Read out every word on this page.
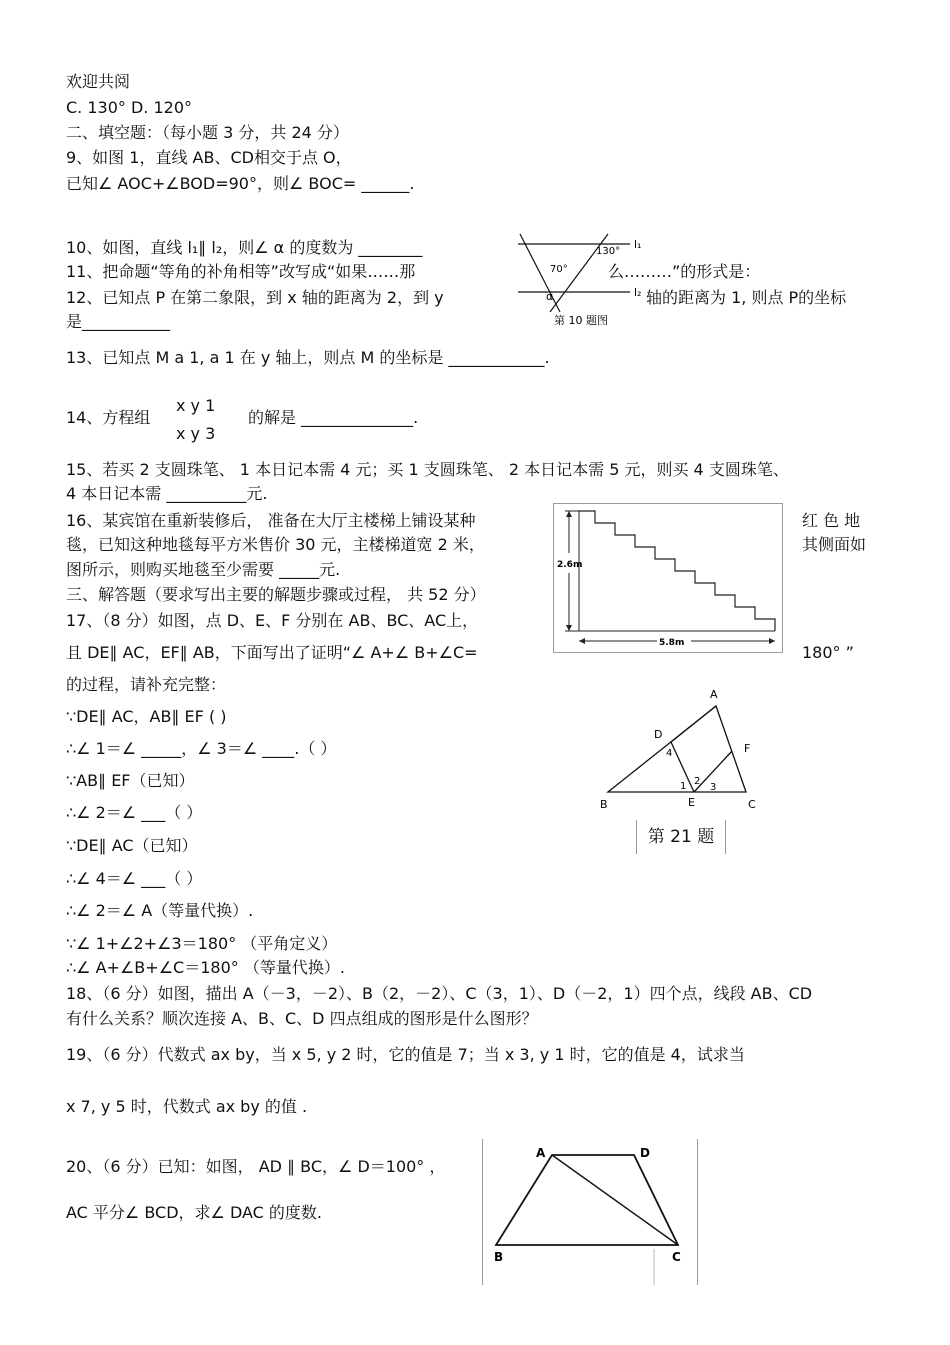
欢迎共阅
C. 130° D. 120°
二、填空题：（每小题 3 分，共 24 分）
9、如图 1，直线 AB、CD相交于点 O，
已知∠ AOC+∠BOD=90°，则∠ BOC= ______.
10、如图，直线 l₁∥ l₂，则∠ α 的度数为 ________
11、把命题“等角的补角相等”改写成“如果……那	么………”的形式是：
12、已知点 P 在第二象限，到 x 轴的距离为 2，到 y	轴的距离为 1, 则点 P的坐标
是___________
13、已知点 M a 1, a 1 在 y 轴上，则点 M 的坐标是 ____________.
x y 1
14、方程组	的解是 ______________.
x y 3
15、若买 2 支圆珠笔、 1 本日记本需 4 元；买 1 支圆珠笔、 2 本日记本需 5 元，则买 4 支圆珠笔、
4 本日记本需 __________元.
16、某宾馆在重新装修后， 准备在大厅主楼梯上铺设某种	红 色 地
毯，已知这种地毯每平方米售价 30 元，主楼梯道宽 2 米，	其侧面如
图所示，则购买地毯至少需要 _____元.
三、解答题（要求写出主要的解题步骤或过程， 共 52 分）
17、（8 分）如图，点 D、E、F 分别在 AB、BC、AC上，
且 DE∥ AC，EF∥ AB，下面写出了证明“∠ A+∠ B+∠C=	180° ”
的过程，请补充完整：
∵DE∥ AC，AB∥ EF ( )
∴∠ 1＝∠ _____，∠ 3＝∠ ____.（ ）
∵AB∥ EF（已知）
∴∠ 2＝∠ ___（ ）
∵DE∥ AC（已知）
∴∠ 4＝∠ ___（ ）
∴∠ 2＝∠ A（等量代换）.
∵∠ 1+∠2+∠3＝180° （平角定义）
∴∠ A+∠B+∠C＝180° （等量代换）.
18、（6 分）如图，描出 A（－3，－2）、B（2，－2）、C（3，1）、D（－2，1）四个点，线段 AB、CD
有什么关系？顺次连接 A、B、C、D 四点组成的图形是什么图形？
19、（6 分）代数式 ax by，当 x 5, y 2 时，它的值是 7；当 x 3, y 1 时，它的值是 4，试求当
x 7, y 5 时，代数式 ax by 的值 .
20、（6 分）已知：如图， AD ∥ BC，∠ D＝100° ，
AC 平分∠ BCD，求∠ DAC 的度数.
130°
70°
α
l₁
l₂
第 10 题图
2.6m
5.8m
A
D
F
B	E	C
4
1 2
3
第 21 题
A	D
B	C
